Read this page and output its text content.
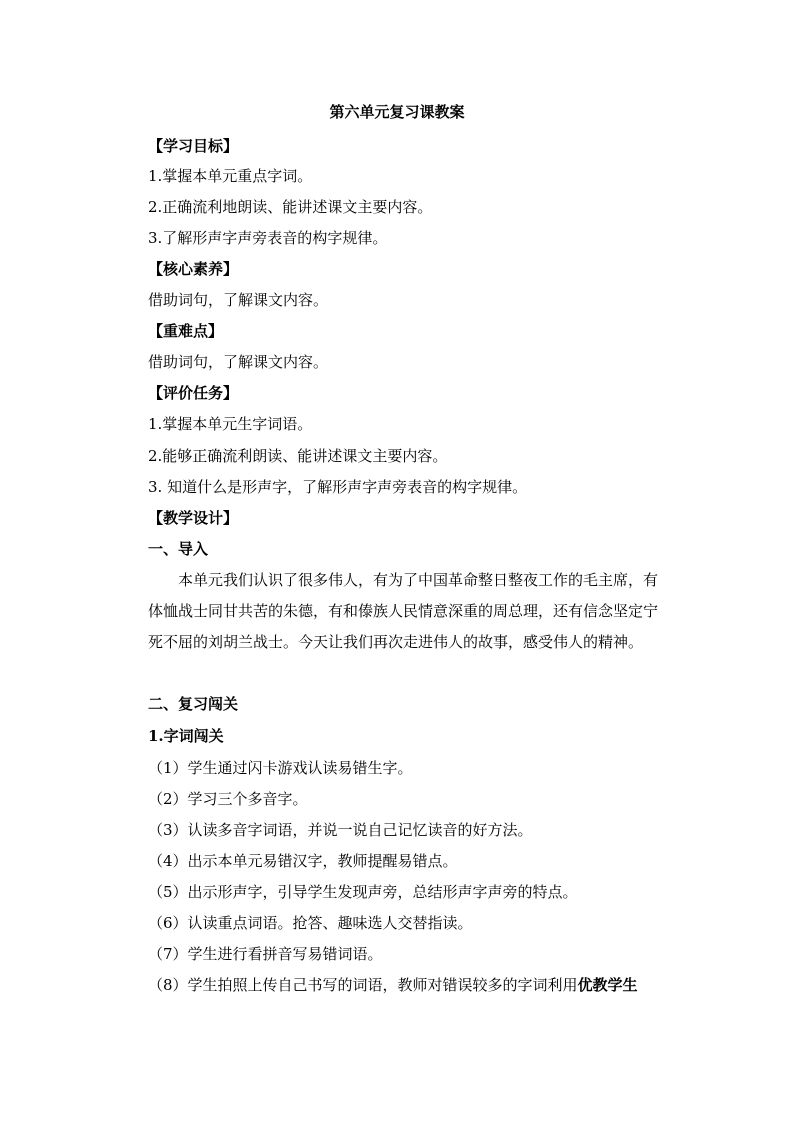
第六单元复习课教案
【学习目标】
1.掌握本单元重点字词。
2.正确流利地朗读、能讲述课文主要内容。
3.了解形声字声旁表音的构字规律。
【核心素养】
借助词句，了解课文内容。
【重难点】
借助词句，了解课文内容。
【评价任务】
1.掌握本单元生字词语。
2.能够正确流利朗读、能讲述课文主要内容。
3. 知道什么是形声字，了解形声字声旁表音的构字规律。
【教学设计】
一、导入
本单元我们认识了很多伟人，有为了中国革命整日整夜工作的毛主席，有体恤战士同甘共苦的朱德，有和傣族人民情意深重的周总理，还有信念坚定宁死不屈的刘胡兰战士。今天让我们再次走进伟人的故事，感受伟人的精神。
二、复习闯关
1.字词闯关
（1）学生通过闪卡游戏认读易错生字。
（2）学习三个多音字。
（3）认读多音字词语，并说一说自己记忆读音的好方法。
（4）出示本单元易错汉字，教师提醒易错点。
（5）出示形声字，引导学生发现声旁，总结形声字声旁的特点。
（6）认读重点词语。抢答、趣味选人交替指读。
（7）学生进行看拼音写易错词语。
（8）学生拍照上传自己书写的词语，教师对错误较多的字词利用优教学生
